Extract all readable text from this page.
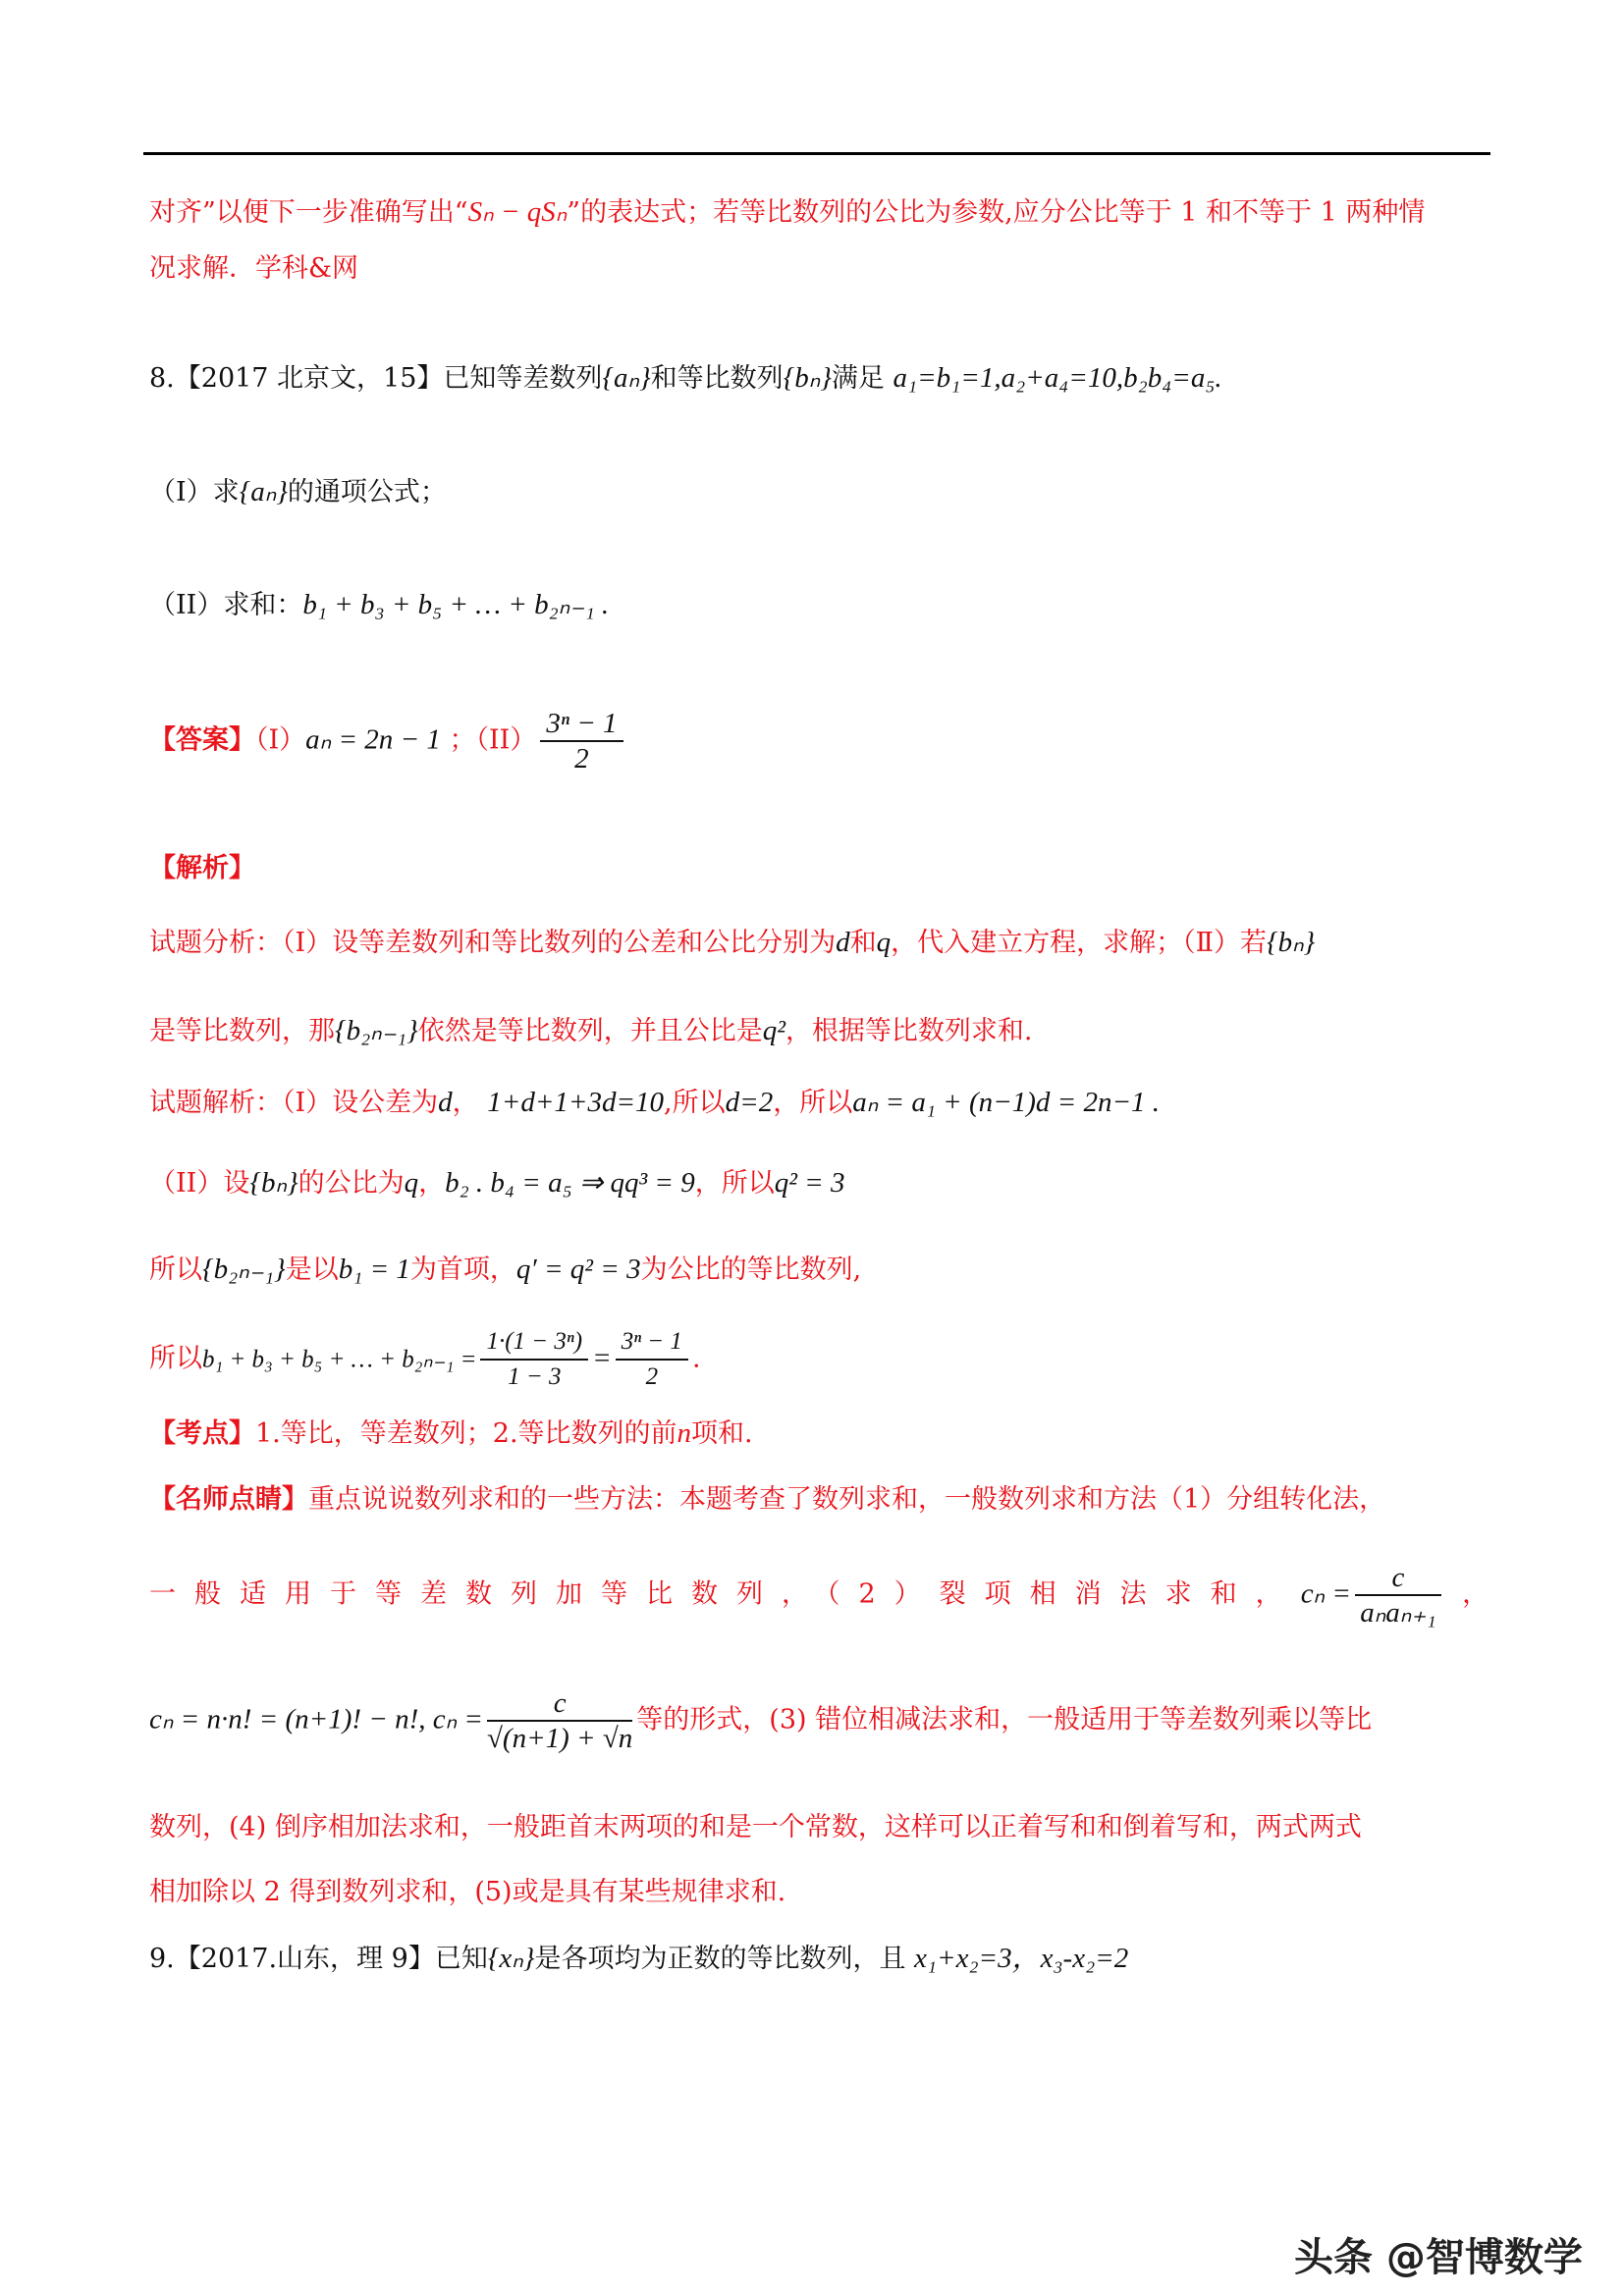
对齐”以便下一步准确写出“Sₙ − qSₙ”的表达式；若等比数列的公比为参数,应分公比等于 1 和不等于 1 两种情
况求解．学科&网
8.【2017 北京文，15】已知等差数列{aₙ}和等比数列{bₙ}满足 a₁=b₁=1,a₂+a₄=10,b₂b₄=a₅.
（I）求{aₙ}的通项公式；
（II）求和：b₁ + b₃ + b₅ + … + b₂ₙ₋₁ .
【答案】（I）aₙ = 2n − 1 ；$(II) \frac{\text{3ⁿ − 1}}{2}$
【解析】
试题分析：（Ⅰ）设等差数列和等比数列的公差和公比分别为d和q，代入建立方程，求解；（Ⅱ）若{bₙ}
是等比数列，那{b₂ₙ₋₁}依然是等比数列，并且公比是q²，根据等比数列求和.
试题解析：（I）设公差为d， 1+d+1+3d=10,所以d=2，所以aₙ = a₁ + (n−1)d = 2n−1 .
（II）设{bₙ}的公比为q，b₂ . b₄ = a₅ ⇒ qq³ = 9，所以q² = 3
所以{b₂ₙ₋₁}是以b₁ = 1为首项，q′ = q² = 3为公比的等比数列,
所以b₁ + b₃ + b₅ + … + $b_{2n-1} = \frac{\text{1·(1 − 3ⁿ)}}{1 - 3} = \frac{\text{3ⁿ − 1}}{2}$ .
【考点】1.等比，等差数列；2.等比数列的前n项和.
【名师点睛】重点说说数列求和的一些方法：本题考查了数列求和，一般数列求和方法（1）分组转化法，
一般适用于等差数列加等比数列，（2）裂项相消法求和，$c_n = \frac{c}{\text{aₙaₙ₊₁}}$ ，
cₙ = n·n! = (n+1)! − n!, $c_n = \frac{c}{√(n+1) + √n}$ 等的形式，(3) 错位相减法求和，一般适用于等差数列乘以等比
数列，(4) 倒序相加法求和，一般距首末两项的和是一个常数，这样可以正着写和和倒着写和，两式两式
相加除以 2 得到数列求和，(5)或是具有某些规律求和.
9.【2017.山东，理 9】已知{xₙ}是各项均为正数的等比数列，且 x₁+x₂=3，x₃-x₂=2
头条 @智博数学
